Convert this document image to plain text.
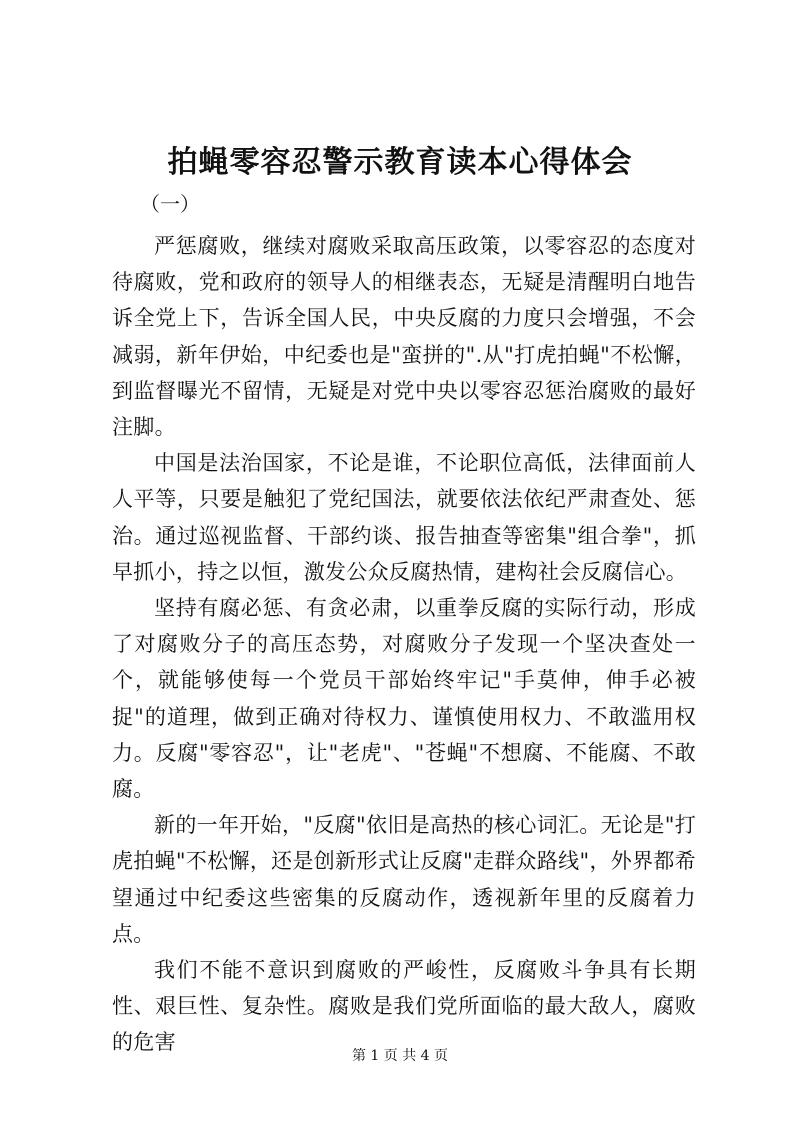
拍蝇零容忍警示教育读本心得体会
（一）

严惩腐败，继续对腐败采取高压政策，以零容忍的态度对待腐败，党和政府的领导人的相继表态，无疑是清醒明白地告诉全党上下，告诉全国人民，中央反腐的力度只会增强，不会减弱，新年伊始，中纪委也是"蛮拼的".从"打虎拍蝇"不松懈，到监督曝光不留情，无疑是对党中央以零容忍惩治腐败的最好注脚。

中国是法治国家，不论是谁，不论职位高低，法律面前人人平等，只要是触犯了党纪国法，就要依法依纪严肃查处、惩治。通过巡视监督、干部约谈、报告抽查等密集"组合拳"，抓早抓小，持之以恒，激发公众反腐热情，建构社会反腐信心。

坚持有腐必惩、有贪必肃，以重拳反腐的实际行动，形成了对腐败分子的高压态势，对腐败分子发现一个坚决查处一个，就能够使每一个党员干部始终牢记"手莫伸，伸手必被捉"的道理，做到正确对待权力、谨慎使用权力、不敢滥用权力。反腐"零容忍"，让"老虎"、"苍蝇"不想腐、不能腐、不敢腐。

新的一年开始，"反腐"依旧是高热的核心词汇。无论是"打虎拍蝇"不松懈，还是创新形式让反腐"走群众路线"，外界都希望通过中纪委这些密集的反腐动作，透视新年里的反腐着力点。

我们不能不意识到腐败的严峻性，反腐败斗争具有长期性、艰巨性、复杂性。腐败是我们党所面临的最大敌人，腐败的危害

第 1 页 共 4 页
